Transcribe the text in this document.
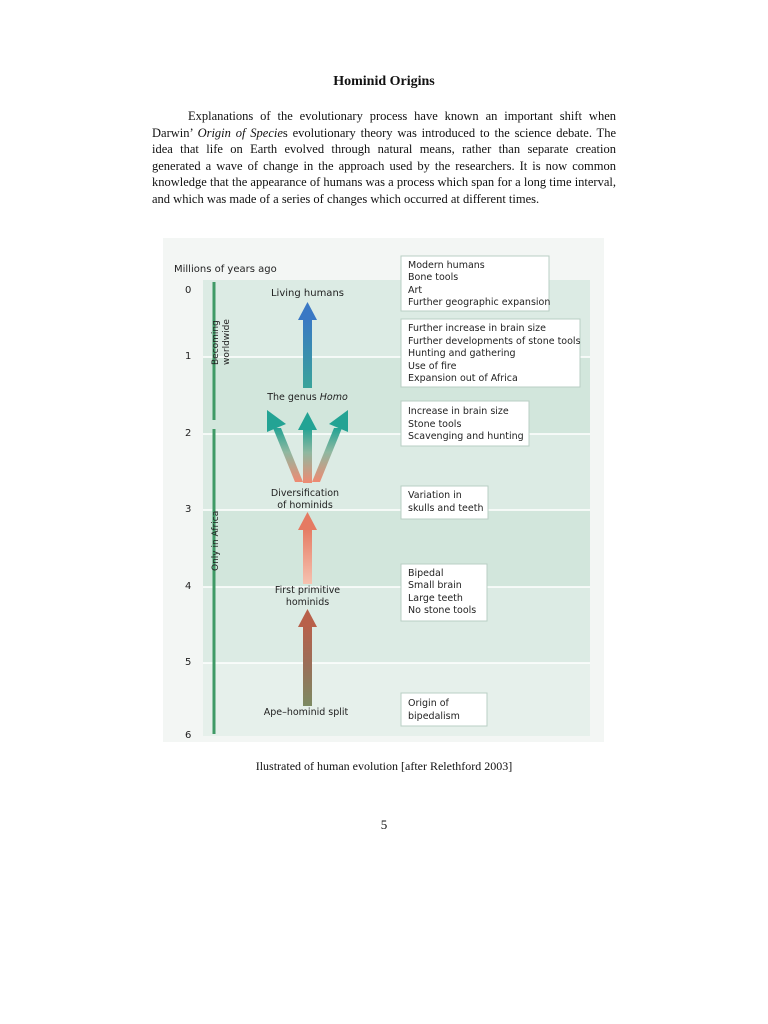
Hominid Origins

Explanations of the evolutionary process have known an important shift when Darwin’ Origin of Species evolutionary theory was introduced to the science debate. The idea that life on Earth evolved through natural means, rather than separate creation generated a wave of change in the approach used by the researchers. It is now common knowledge that the appearance of humans was a process which span for a long time interval, and which was made of a series of changes which occurred at different times.

Millions of years ago
0
1
2
3
4
5
6
Becoming worldwide
Only in Africa
Living humans
The genus Homo
Diversification
of hominids
First primitive
hominids
Ape–hominid split
Modern humans
Bone tools
Art
Further geographic expansion
Further increase in brain size
Further developments of stone tools
Hunting and gathering
Use of fire
Expansion out of Africa
Increase in brain size
Stone tools
Scavenging and hunting
Variation in
skulls and teeth
Bipedal
Small brain
Large teeth
No stone tools
Origin of
bipedalism
Ilustrated of human evolution [after Relethford 2003]
5
